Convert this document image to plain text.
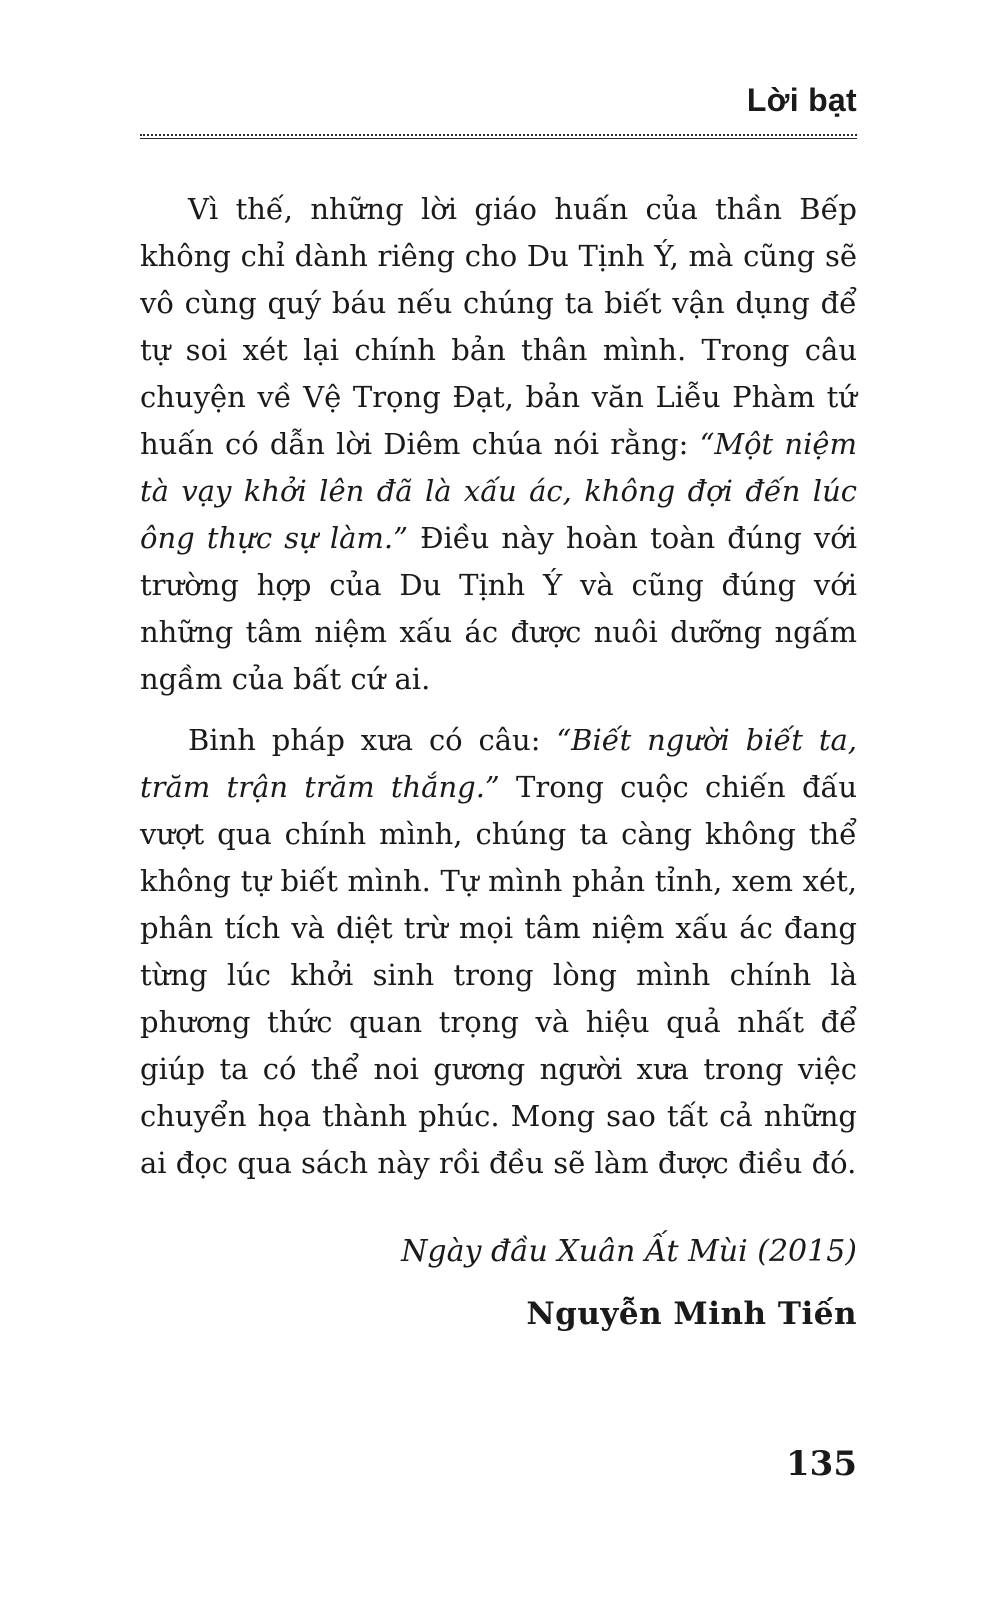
Lời bạt

Vì thế, những lời giáo huấn của thần Bếp không chỉ dành riêng cho Du Tịnh Ý, mà cũng sẽ vô cùng quý báu nếu chúng ta biết vận dụng để tự soi xét lại chính bản thân mình. Trong câu chuyện về Vệ Trọng Đạt, bản văn Liễu Phàm tứ huấn có dẫn lời Diêm chúa nói rằng: “Một niệm tà vạy khởi lên đã là xấu ác, không đợi đến lúc ông thực sự làm.” Điều này hoàn toàn đúng với trường hợp của Du Tịnh Ý và cũng đúng với những tâm niệm xấu ác được nuôi dưỡng ngấm ngầm của bất cứ ai.

Binh pháp xưa có câu: “Biết người biết ta, trăm trận trăm thắng.” Trong cuộc chiến đấu vượt qua chính mình, chúng ta càng không thể không tự biết mình. Tự mình phản tỉnh, xem xét, phân tích và diệt trừ mọi tâm niệm xấu ác đang từng lúc khởi sinh trong lòng mình chính là phương thức quan trọng và hiệu quả nhất để giúp ta có thể noi gương người xưa trong việc chuyển họa thành phúc. Mong sao tất cả những ai đọc qua sách này rồi đều sẽ làm được điều đó.

Ngày đầu Xuân Ất Mùi (2015)
Nguyễn Minh Tiến
135
